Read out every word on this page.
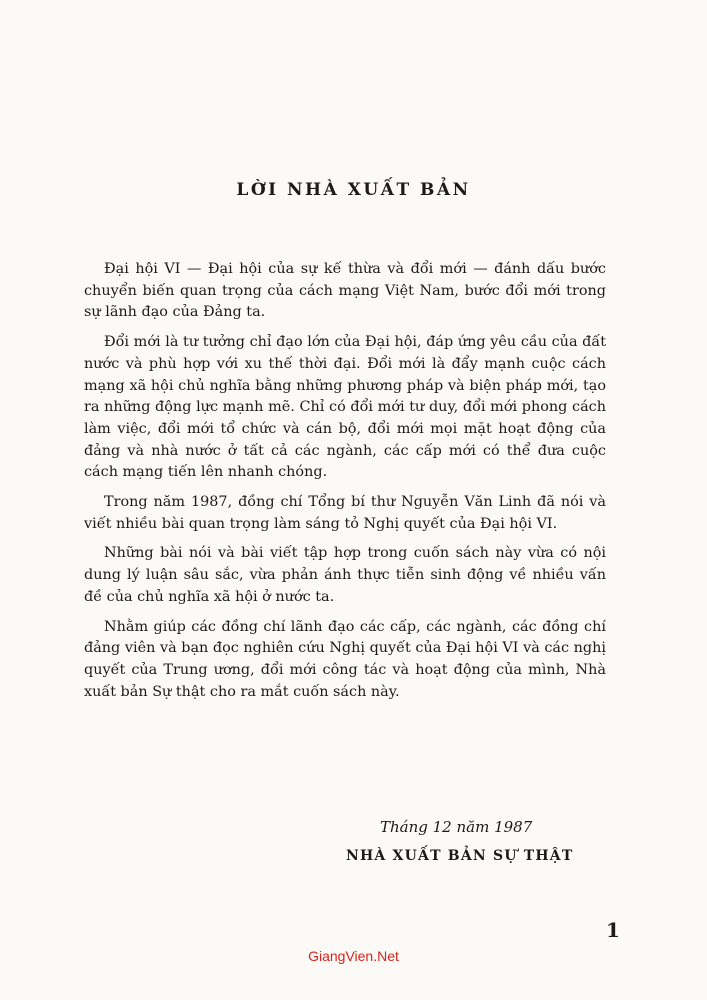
LỜI NHÀ XUẤT BẢN

Đại hội VI — Đại hội của sự kế thừa và đổi mới — đánh dấu bước chuyển biến quan trọng của cách mạng Việt Nam, bước đổi mới trong sự lãnh đạo của Đảng ta.

Đổi mới là tư tưởng chỉ đạo lớn của Đại hội, đáp ứng yêu cầu của đất nước và phù hợp với xu thế thời đại. Đổi mới là đẩy mạnh cuộc cách mạng xã hội chủ nghĩa bằng những phương pháp và biện pháp mới, tạo ra những động lực mạnh mẽ. Chỉ có đổi mới tư duy, đổi mới phong cách làm việc, đổi mới tổ chức và cán bộ, đổi mới mọi mặt hoạt động của đảng và nhà nước ở tất cả các ngành, các cấp mới có thể đưa cuộc cách mạng tiến lên nhanh chóng.

Trong năm 1987, đồng chí Tổng bí thư Nguyễn Văn Linh đã nói và viết nhiều bài quan trọng làm sáng tỏ Nghị quyết của Đại hội VI.

Những bài nói và bài viết tập hợp trong cuốn sách này vừa có nội dung lý luận sâu sắc, vừa phản ánh thực tiễn sinh động về nhiều vấn đề của chủ nghĩa xã hội ở nước ta.

Nhằm giúp các đồng chí lãnh đạo các cấp, các ngành, các đồng chí đảng viên và bạn đọc nghiên cứu Nghị quyết của Đại hội VI và các nghị quyết của Trung ương, đổi mới công tác và hoạt động của mình, Nhà xuất bản Sự thật cho ra mắt cuốn sách này.

Tháng 12 năm 1987
NHÀ XUẤT BẢN SỰ THẬT
1
GiangVien.Net
